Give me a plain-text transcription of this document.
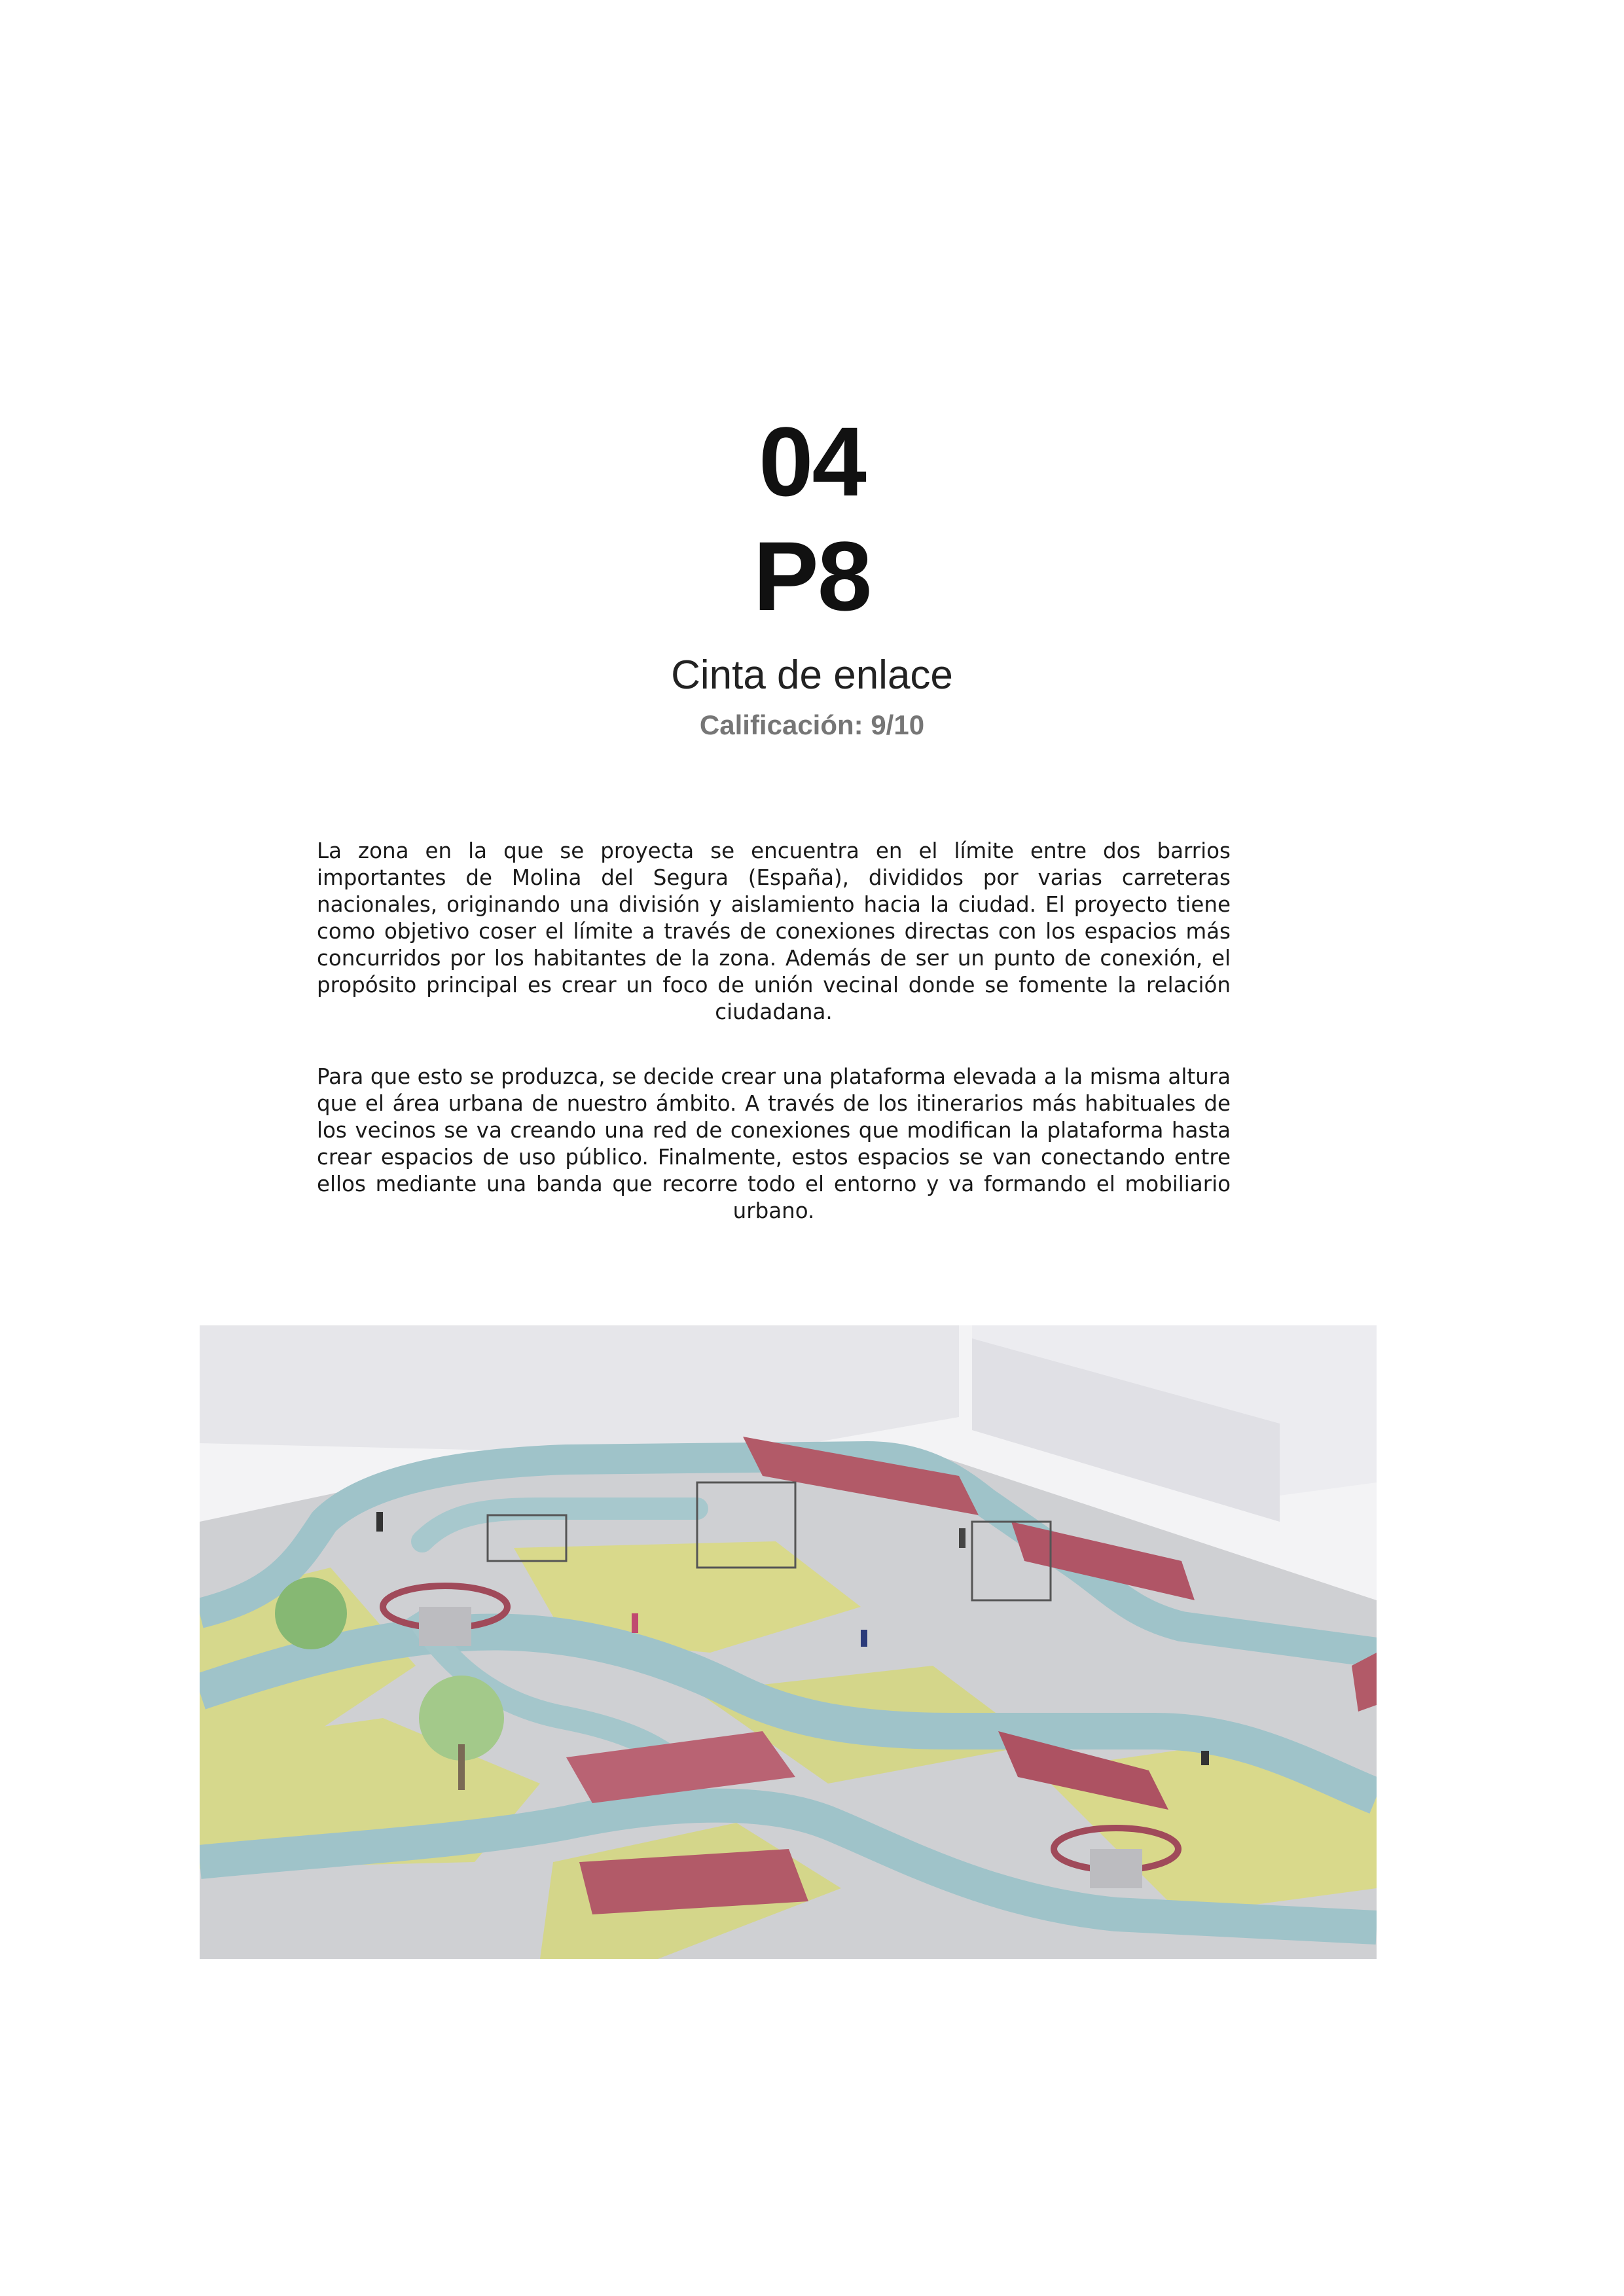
04
P8
Cinta de enlace
Calificación: 9/10

La zona en la que se proyecta se encuentra en el límite entre dos barrios importantes de Molina del Segura (España), divididos por varias carreteras nacionales, originando una división y aislamiento hacia la ciudad. El proyecto tiene como objetivo coser el límite a través de conexiones directas con los espacios más concurridos por los habitantes de la zona. Además de ser un punto de conexión, el propósito principal es crear un foco de unión vecinal donde se fomente la relación ciudadana.

Para que esto se produzca, se decide crear una plataforma elevada a la misma altura que el área urbana de nuestro ámbito. A través de los itinerarios más habituales de los vecinos se va creando una red de conexiones que modifican la plataforma hasta crear espacios de uso público. Finalmente, estos espacios se van conectando entre ellos mediante una banda que recorre todo el entorno y va formando el mobiliario urbano.
